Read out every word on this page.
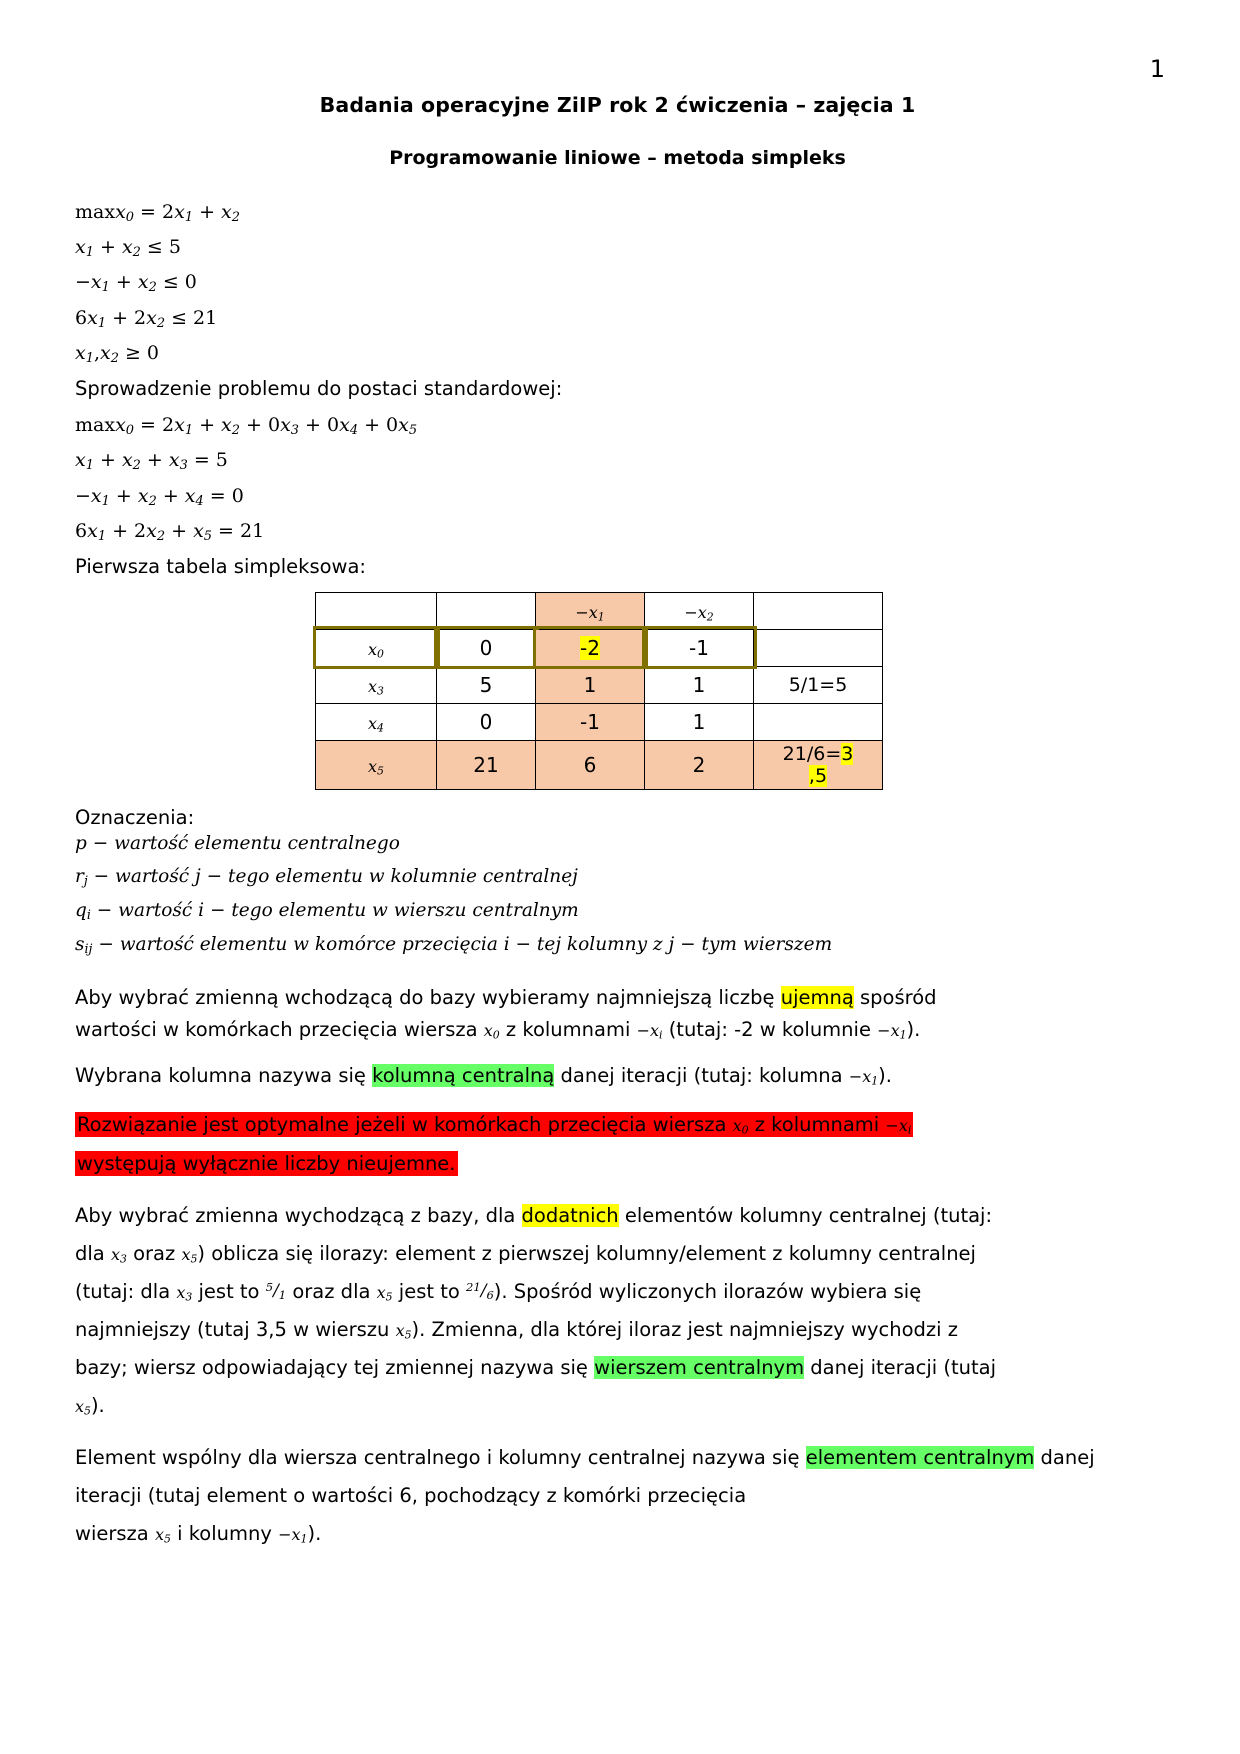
1
Badania operacyjne ZiIP rok 2 ćwiczenia – zajęcia 1
Programowanie liniowe – metoda simpleks
$\max x_0 = 2x_1 + x_2$
$x_1 + x_2 \le 5$
$-x_1 + x_2 \le 0$
$6x_1 + 2x_2 \le 21$
$x_1,x_2 \ge 0$
Sprowadzenie problemu do postaci standardowej:
$\max x_0 = 2x_1 + x_2 + 0x_3 + 0x_4 + 0x_5$
$x_1 + x_2 + x_3 = 5$
$-x_1 + x_2 + x_4 = 0$
$6x_1 + 2x_2 + x_5 = 21$
Pierwsza tabela simpleksowa:
		$-x_1$	$-x_2$	
$x_0$	0	-2	-1	
$x_3$	5	1	1	5/1=5
$x_4$	0	-1	1	
$x_5$	21	6	2	21/6=3
,5
Oznaczenia:
p − wartość elementu centralnego
$r_j$ − wartość j − tego elementu w kolumnie centralnej
$q_i$ − wartość i − tego elementu w wierszu centralnym
$s_{ij}$ − wartość elementu w komórce przecięcia i − tej kolumny z j − tym wierszem

Aby wybrać zmienną wchodzącą do bazy wybieramy najmniejszą liczbę ujemną spośród
wartości w komórkach przecięcia wiersza $x_0$ z kolumnami $-x_i$ (tutaj: -2 w kolumnie $-x_1$).

Wybrana kolumna nazywa się kolumną centralną danej iteracji (tutaj: kolumna $-x_1$).

Rozwiązanie jest optymalne jeżeli w komórkach przecięcia wiersza $x_0$ z kolumnami $-x_i$
występują wyłącznie liczby nieujemne.

Aby wybrać zmienna wychodzącą z bazy, dla dodatnich elementów kolumny centralnej (tutaj:
dla $x_3$ oraz $x_5$) oblicza się ilorazy: element z pierwszej kolumny/element z kolumny centralnej
(tutaj: dla $x_3$ jest to $^5/_1$ oraz dla $x_5$ jest to $^{21}/_6$). Spośród wyliczonych ilorazów wybiera się
najmniejszy (tutaj 3,5 w wierszu $x_5$). Zmienna, dla której iloraz jest najmniejszy wychodzi z
bazy; wiersz odpowiadający tej zmiennej nazywa się wierszem centralnym danej iteracji (tutaj
$x_5$).

Element wspólny dla wiersza centralnego i kolumny centralnej nazywa się elementem centralnym danej iteracji (tutaj element o wartości 6, pochodzący z komórki przecięcia
wiersza $x_5$ i kolumny $-x_1$).
